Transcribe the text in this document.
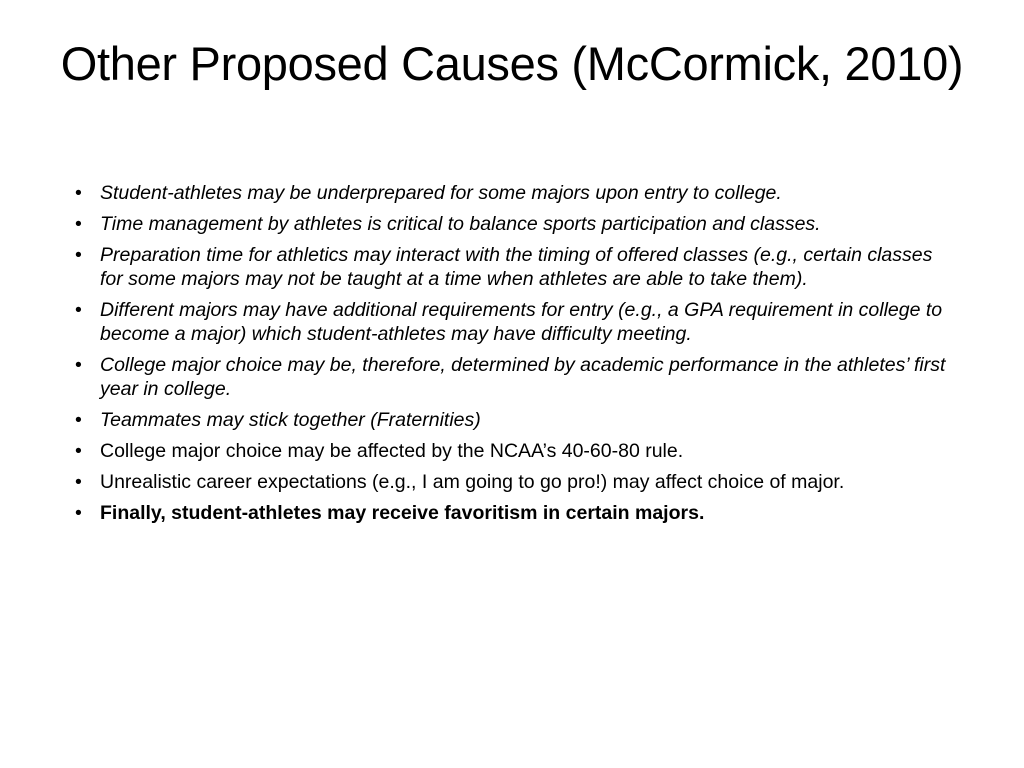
Other Proposed Causes (McCormick, 2010)
• Student-athletes may be underprepared for some majors upon entry to college.
• Time management by athletes is critical to balance sports participation and classes.
• Preparation time for athletics may interact with the timing of offered classes (e.g., certain classes for some majors may not be taught at a time when athletes are able to take them).
• Different majors may have additional requirements for entry (e.g., a GPA requirement in college to become a major) which student-athletes may have difficulty meeting.
• College major choice may be, therefore, determined by academic performance in the athletes’ first year in college.
• Teammates may stick together (Fraternities)
• College major choice may be affected by the NCAA’s 40-60-80 rule.
• Unrealistic career expectations (e.g., I am going to go pro!) may affect choice of major.
• Finally, student-athletes may receive favoritism in certain majors.
